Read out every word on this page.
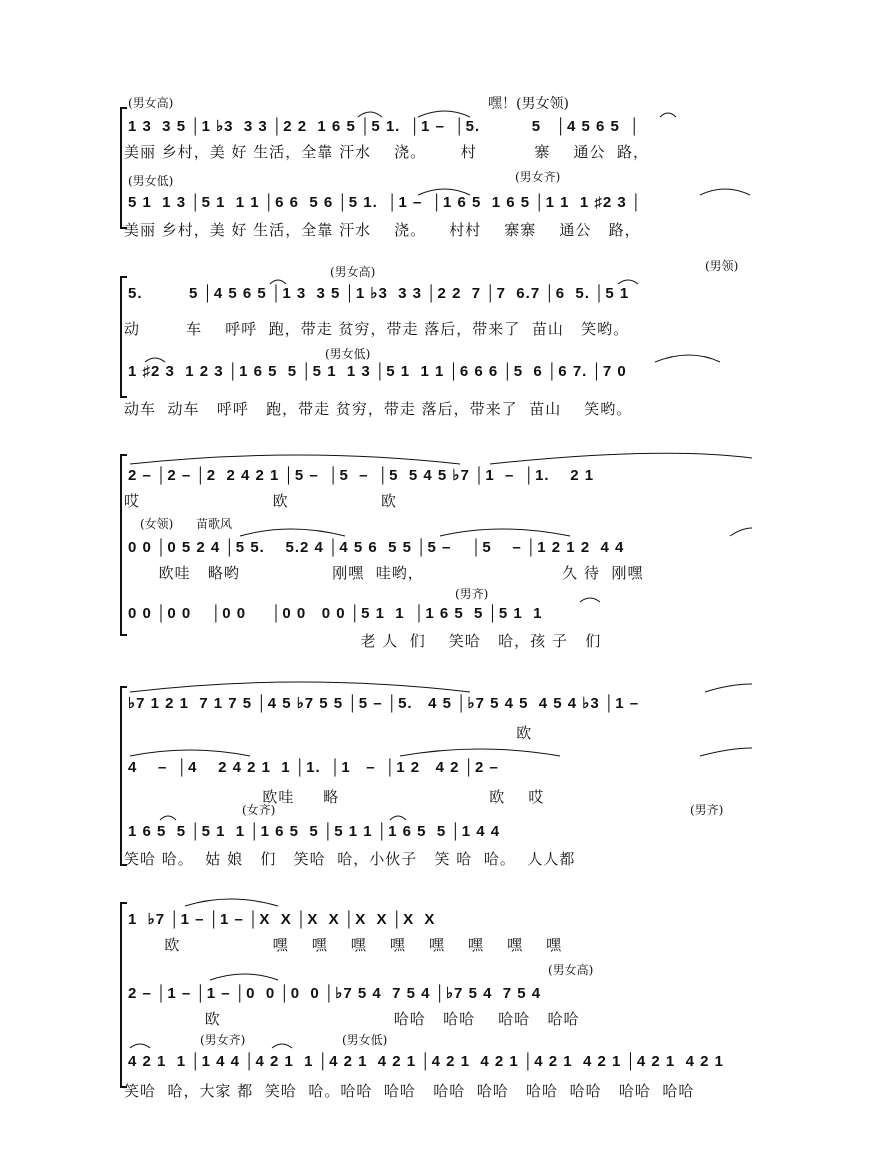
(男女高)	嘿！(男女领)
1 3  3 5 │1 ♭3  3 3 │2 2  1 6 5 │5 1.  │1 –  │5.          5   │4 5 6 5  │
美丽 乡村，美 好 生活，全靠 汗水    浇。      村          寨    通公  路，
(男女低)	(男女齐)
5 1  1 3 │5 1  1 1 │6 6  5 6 │5 1.  │1 –  │1 6 5  1 6 5 │1 1  1 ♯2 3 │
美丽 乡村，美 好 生活，全靠 汗水    浇。    村村    寨寨    通公   路，
(男女高)	(男领)
5.         5 │4 5 6 5 │1 3  3 5 │1 ♭3  3 3 │2 2  7 │7  6.7 │6  5. │5 1
动        车    呼呼  跑，带走 贫穷，带走 落后，带来了  苗山   笑哟。
(男女低)
1 ♯2 3  1 2 3 │1 6 5  5 │5 1  1 3 │5 1  1 1 │6 6 6 │5  6 │6 7. │7 0
动车  动车   呼呼   跑，带走 贫穷，带走 落后，带来了  苗山    笑哟。
2 – │2 – │2  2 4 2 1 │5 –  │5  –  │5  5 4 5 ♭7 │1  –  │1.    2 1
哎                       欧                欧
(女领) 苗歌风
0 0 │0 5 2 4 │5 5.    5.2 4 │4 5 6  5 5 │5 –    │5    – │1 2 1 2  4 4
欧哇   略哟                刚嘿  哇哟，                        久 待  刚嘿
(男齐)
0 0 │0 0    │0 0     │0 0   0 0 │5 1  1  │1 6 5  5 │5 1  1
老 人  们    笑哈   哈，孩 子   们
♭7 1 2 1  7 1 7 5 │4 5 ♭7 5 5 │5 – │5.   4 5 │♭7 5 4 5  4 5 4 ♭3 │1 –
欧
4    –  │4    2 4 2 1  1 │1.  │1   –  │1 2   4 2 │2 –
欧哇     略                          欧    哎
(女齐)	(男齐)
1 6 5  5 │5 1  1 │1 6 5  5 │5 1 1 │1 6 5  5 │1 4 4
笑哈 哈。  姑 娘   们   笑哈  哈，小伙子   笑 哈  哈。  人人都
1  ♭7 │1 – │1 – │X  X │X  X │X  X │X  X
欧                嘿    嘿    嘿    嘿    嘿    嘿    嘿    嘿
(男女高)
2 – │1 – │1 – │0  0 │0  0 │♭7 5 4  7 5 4 │♭7 5 4  7 5 4
欧                              哈哈   哈哈    哈哈   哈哈
(男女齐)	(男女低)
4 2 1  1 │1 4 4 │4 2 1  1 │4 2 1  4 2 1 │4 2 1  4 2 1 │4 2 1  4 2 1 │4 2 1  4 2 1
笑哈  哈，大家 都  笑哈  哈。哈哈  哈哈   哈哈  哈哈   哈哈  哈哈   哈哈  哈哈
